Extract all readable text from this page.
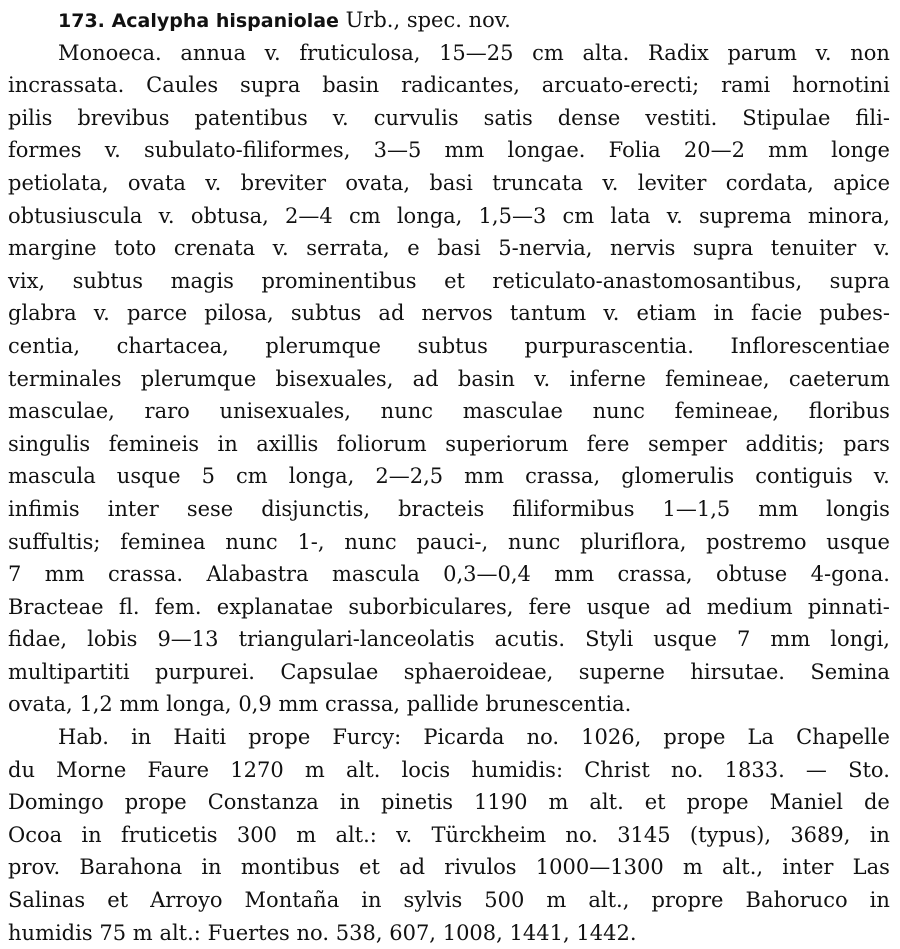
173. Acalypha hispaniolae Urb., spec. nov.
Monoeca. annua v. fruticulosa, 15—25 cm alta. Radix parum v. non
incrassata. Caules supra basin radicantes, arcuato-erecti; rami hornotini
pilis brevibus patentibus v. curvulis satis dense vestiti. Stipulae fili-
formes v. subulato-filiformes, 3—5 mm longae. Folia 20—2 mm longe
petiolata, ovata v. breviter ovata, basi truncata v. leviter cordata, apice
obtusiuscula v. obtusa, 2—4 cm longa, 1,5—3 cm lata v. suprema minora,
margine toto crenata v. serrata, e basi 5-nervia, nervis supra tenuiter v.
vix, subtus magis prominentibus et reticulato-anastomosantibus, supra
glabra v. parce pilosa, subtus ad nervos tantum v. etiam in facie pubes-
centia, chartacea, plerumque subtus purpurascentia. Inflorescentiae
terminales plerumque bisexuales, ad basin v. inferne femineae, caeterum
masculae, raro unisexuales, nunc masculae nunc femineae, floribus
singulis femineis in axillis foliorum superiorum fere semper additis; pars
mascula usque 5 cm longa, 2—2,5 mm crassa, glomerulis contiguis v.
infimis inter sese disjunctis, bracteis filiformibus 1—1,5 mm longis
suffultis; feminea nunc 1-, nunc pauci-, nunc pluriflora, postremo usque
7 mm crassa. Alabastra mascula 0,3—0,4 mm crassa, obtuse 4-gona.
Bracteae fl. fem. explanatae suborbiculares, fere usque ad medium pinnati-
fidae, lobis 9—13 triangulari-lanceolatis acutis. Styli usque 7 mm longi,
multipartiti purpurei. Capsulae sphaeroideae, superne hirsutae. Semina
ovata, 1,2 mm longa, 0,9 mm crassa, pallide brunescentia.
Hab. in Haiti prope Furcy: Picarda no. 1026, prope La Chapelle
du Morne Faure 1270 m alt. locis humidis: Christ no. 1833. — Sto.
Domingo prope Constanza in pinetis 1190 m alt. et prope Maniel de
Ocoa in fruticetis 300 m alt.: v. Türckheim no. 3145 (typus), 3689, in
prov. Barahona in montibus et ad rivulos 1000—1300 m alt., inter Las
Salinas et Arroyo Montaña in sylvis 500 m alt., propre Bahoruco in
humidis 75 m alt.: Fuertes no. 538, 607, 1008, 1441, 1442.
